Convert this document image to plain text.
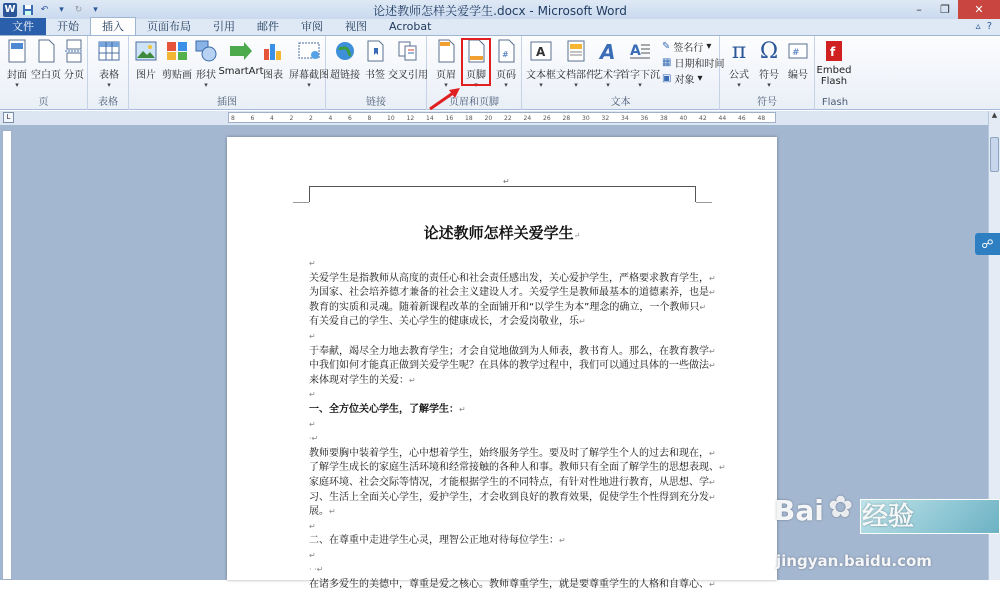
W	↶	▾	↻	▾	论述教师怎样关爱学生.docx - Microsoft Word	–	❐	✕
文件	开始	插入	页面布局	引用	邮件	审阅	视图	Acrobat	▵ ?
封面
▾
空白页 分页
页
表格
▾
表格
图片 剪贴画 形状
▾
SmartArt 图表 屏幕截图
▾
插图
超链接 书签 交叉引用
链接
页眉
▾
页脚
▾
#
页码
▾
页眉和页脚
A
文本框
▾
文档部件
▾
A
艺术字
▾
A
首字下沉
▾
✎ 签名行 ▾
▦ 日期和时间
▣ 对象 ▾
文本
π
公式
▾
Ω
符号
▾
#
编号
符号
f
Embed
Flash
Flash
L	8	6	4	2	2	4	6	8	10 12 14 16 18 20 22 24 26 28 30 32 34 36 38 40 42 44 46 48	▲
↵
论述教师怎样关爱学生↵
↵
关爱学生是指教师从高度的责任心和社会责任感出发，关心爱护学生，严格要求教育学生，↵
为国家、社会培养德才兼备的社会主义建设人才。关爱学生是教师最基本的道德素养，也是↵
教育的实质和灵魂。随着新课程改革的全面铺开和“以学生为本”理念的确立，一个教师只↵
有关爱自己的学生、关心学生的健康成长，才会爱岗敬业，乐↵
↵
于奉献，竭尽全力地去教育学生；才会自觉地做到为人师表，教书育人。那么，在教育教学↵
中我们如何才能真正做到关爱学生呢？在具体的教学过程中，我们可以通过具体的一些做法↵
来体现对学生的关爱：↵
↵
一、全方位关心学生，了解学生：↵
↵
·↵
教师要胸中装着学生，心中想着学生，始终服务学生。要及时了解学生个人的过去和现在，↵
了解学生成长的家庭生活环境和经常接触的各种人和事。教师只有全面了解学生的思想表现、↵
家庭环境、社会交际等情况，才能根据学生的不同特点，有针对性地进行教育，从思想、学↵
习、生活上全面关心学生，爱护学生，才会收到良好的教育效果，促使学生个性得到充分发↵
展。↵
↵
二、在尊重中走进学生心灵，理智公正地对待每位学生：↵
↵
· ·↵
在诸多爱生的美德中，尊重是爱之核心。教师尊重学生，就是要尊重学生的人格和自尊心、↵
☍
Bai ✿ 经验
jingyan.baidu.com
